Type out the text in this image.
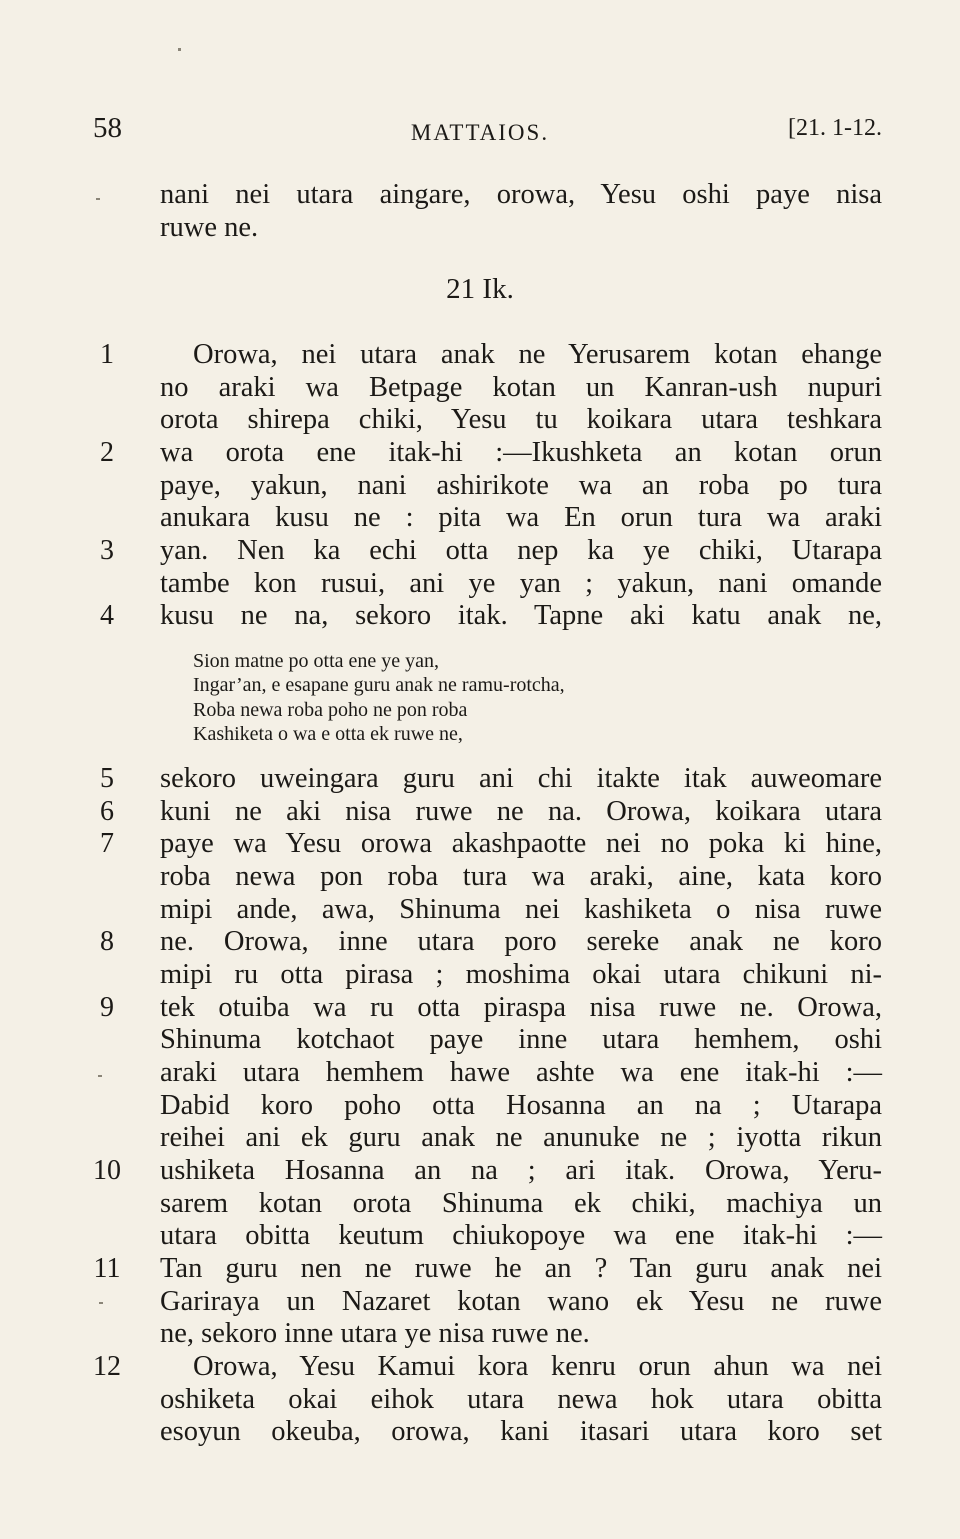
58	MATTAIOS.	[21. 1-12.
nani nei utara aingare, orowa, Yesu oshi paye nisa
ruwe ne.
21 Ik.
1	Orowa, nei utara anak ne Yerusarem kotan ehange
no araki wa Betpage kotan un Kanran-ush nupuri
orota shirepa chiki, Yesu tu koikara utara teshkara
2	wa orota ene itak-hi :—Ikushketa an kotan orun
paye, yakun, nani ashirikote wa an roba po tura
anukara kusu ne : pita wa En orun tura wa araki
3	yan. Nen ka echi otta nep ka ye chiki, Utarapa
tambe kon rusui, ani ye yan ; yakun, nani omande
4	kusu ne na, sekoro itak. Tapne aki katu anak ne,
Sion matne po otta ene ye yan,
Ingar’an, e esapane guru anak ne ramu-rotcha,
Roba newa roba poho ne pon roba
Kashiketa o wa e otta ek ruwe ne,
5	sekoro uweingara guru ani chi itakte itak auweomare
6	kuni ne aki nisa ruwe ne na. Orowa, koikara utara
7	paye wa Yesu orowa akashpaotte nei no poka ki hine,
roba newa pon roba tura wa araki, aine, kata koro
mipi ande, awa, Shinuma nei kashiketa o nisa ruwe
8	ne. Orowa, inne utara poro sereke anak ne koro
mipi ru otta pirasa ; moshima okai utara chikuni ni-
9	tek otuiba wa ru otta piraspa nisa ruwe ne. Orowa,
Shinuma kotchaot paye inne utara hemhem, oshi
araki utara hemhem hawe ashte wa ene itak-hi :—
Dabid koro poho otta Hosanna an na ; Utarapa
reihei ani ek guru anak ne anunuke ne ; iyotta rikun
10 ushiketa Hosanna an na ; ari itak. Orowa, Yeru-
sarem kotan orota Shinuma ek chiki, machiya un
utara obitta keutum chiukopoye wa ene itak-hi :—
11 Tan guru nen ne ruwe he an ? Tan guru anak nei
Gariraya un Nazaret kotan wano ek Yesu ne ruwe
ne, sekoro inne utara ye nisa ruwe ne.
12	Orowa, Yesu Kamui kora kenru orun ahun wa nei
oshiketa okai eihok utara newa hok utara obitta
esoyun okeuba, orowa, kani itasari utara koro set
